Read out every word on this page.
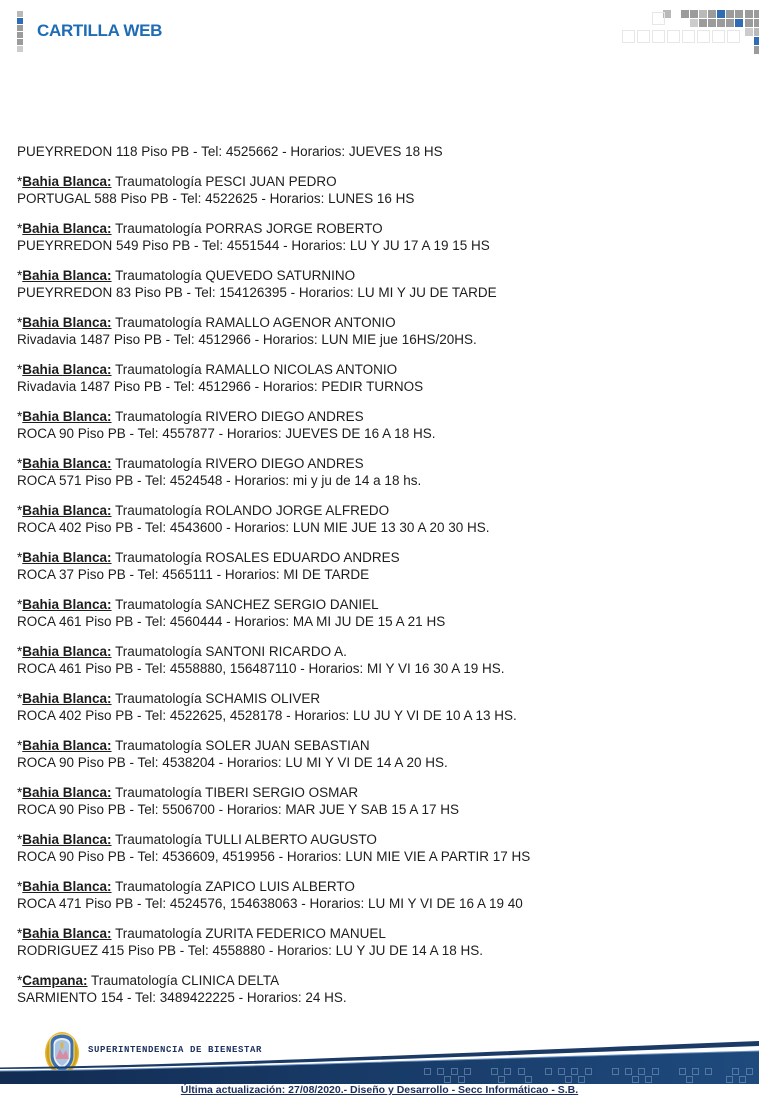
CARTILLA WEB
PUEYRREDON 118 Piso PB - Tel: 4525662 - Horarios: JUEVES 18 HS
*Bahia Blanca: Traumatología PESCI JUAN PEDRO
PORTUGAL 588 Piso PB - Tel: 4522625 - Horarios: LUNES 16 HS
*Bahia Blanca: Traumatología PORRAS JORGE ROBERTO
PUEYRREDON 549 Piso PB - Tel: 4551544 - Horarios: LU Y JU 17 A 19 15 HS
*Bahia Blanca: Traumatología QUEVEDO SATURNINO
PUEYRREDON 83 Piso PB - Tel: 154126395 - Horarios: LU MI Y JU DE TARDE
*Bahia Blanca: Traumatología RAMALLO AGENOR ANTONIO
Rivadavia 1487 Piso PB - Tel: 4512966 - Horarios: LUN MIE jue 16HS/20HS.
*Bahia Blanca: Traumatología RAMALLO NICOLAS ANTONIO
Rivadavia 1487 Piso PB - Tel: 4512966 - Horarios: PEDIR TURNOS
*Bahia Blanca: Traumatología RIVERO DIEGO ANDRES
ROCA 90 Piso PB - Tel: 4557877 - Horarios: JUEVES DE 16 A 18 HS.
*Bahia Blanca: Traumatología RIVERO DIEGO ANDRES
ROCA 571 Piso PB - Tel: 4524548 - Horarios: mi y ju de 14 a 18 hs.
*Bahia Blanca: Traumatología ROLANDO JORGE ALFREDO
ROCA 402 Piso PB - Tel: 4543600 - Horarios: LUN MIE JUE 13 30 A 20 30 HS.
*Bahia Blanca: Traumatología ROSALES EDUARDO ANDRES
ROCA 37 Piso PB - Tel: 4565111 - Horarios: MI DE TARDE
*Bahia Blanca: Traumatología SANCHEZ SERGIO DANIEL
ROCA 461 Piso PB - Tel: 4560444 - Horarios: MA MI JU DE 15 A 21 HS
*Bahia Blanca: Traumatología SANTONI RICARDO A.
ROCA 461 Piso PB - Tel: 4558880, 156487110 - Horarios: MI Y VI 16 30 A 19 HS.
*Bahia Blanca: Traumatología SCHAMIS OLIVER
ROCA 402 Piso PB - Tel: 4522625, 4528178 - Horarios: LU JU Y VI DE 10 A 13 HS.
*Bahia Blanca: Traumatología SOLER JUAN SEBASTIAN
ROCA 90 Piso PB - Tel: 4538204 - Horarios: LU MI Y VI DE 14 A 20 HS.
*Bahia Blanca: Traumatología TIBERI SERGIO OSMAR
ROCA 90 Piso PB - Tel: 5506700 - Horarios: MAR JUE Y SAB 15 A 17 HS
*Bahia Blanca: Traumatología TULLI ALBERTO AUGUSTO
ROCA 90 Piso PB - Tel: 4536609, 4519956 - Horarios: LUN MIE VIE A PARTIR 17 HS
*Bahia Blanca: Traumatología ZAPICO LUIS ALBERTO
ROCA 471 Piso PB - Tel: 4524576, 154638063 - Horarios: LU MI Y VI DE 16 A 19 40
*Bahia Blanca: Traumatología ZURITA FEDERICO MANUEL
RODRIGUEZ 415 Piso PB - Tel: 4558880 - Horarios: LU Y JU DE 14 A 18 HS.
*Campana: Traumatología CLINICA DELTA
SARMIENTO 154 - Tel: 3489422225 - Horarios: 24 HS.
SUPERINTENDENCIA DE BIENESTAR
Última actualización: 27/08/2020.- Diseño y Desarrollo - Secc Informáticao - S.B.
